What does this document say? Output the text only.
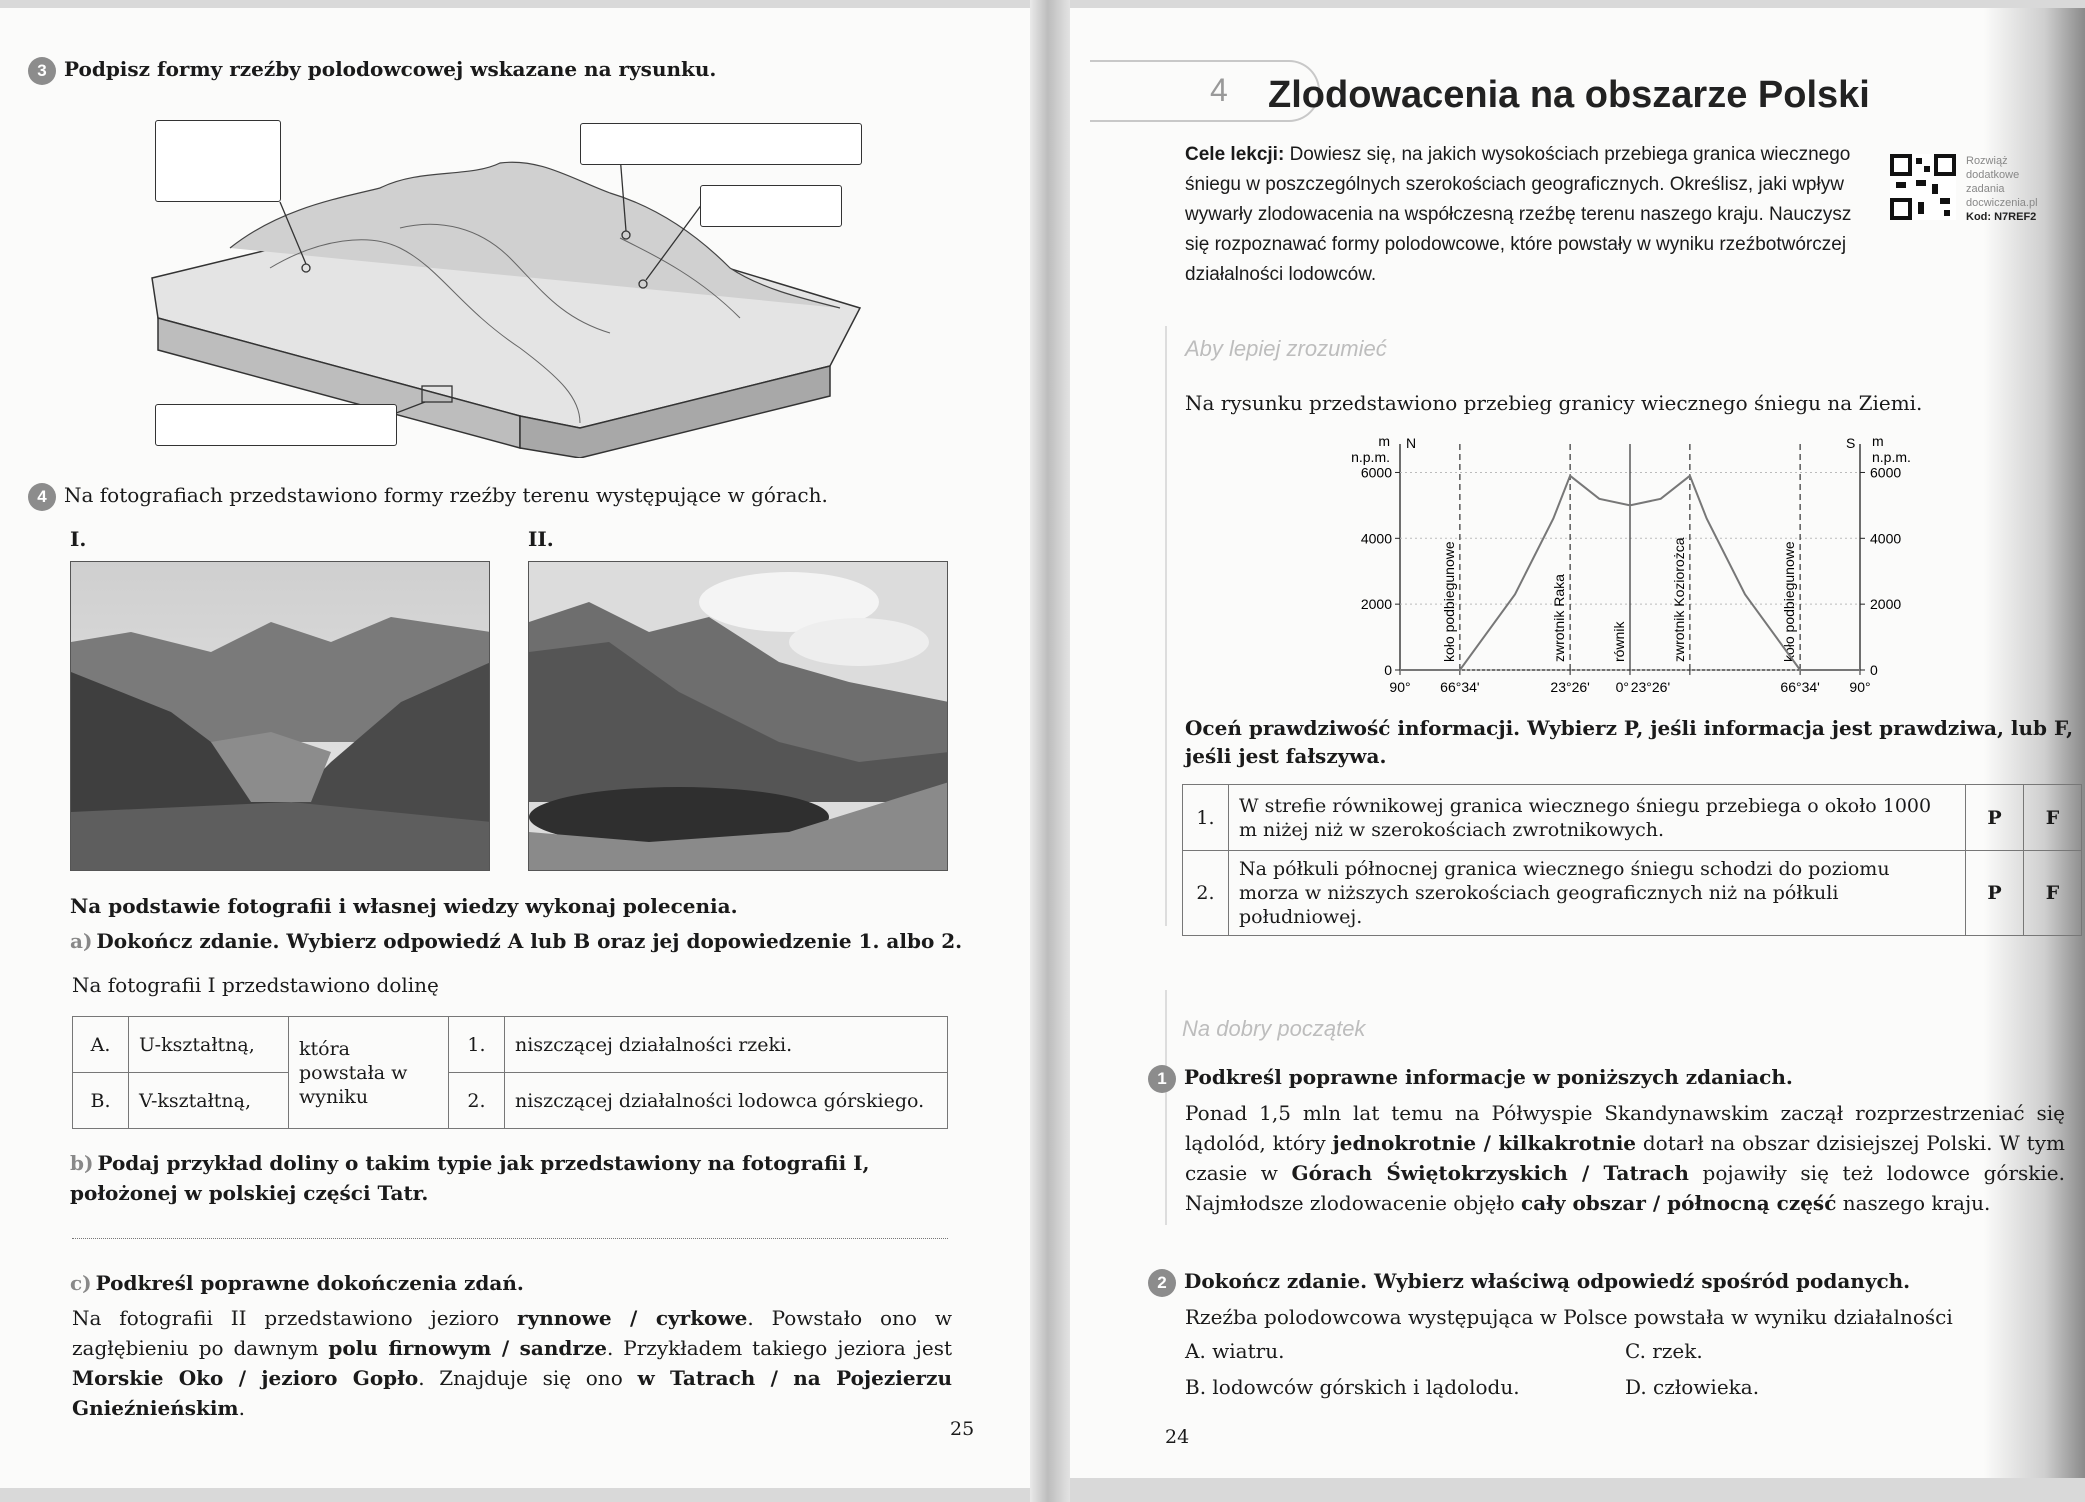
3 Podpisz formy rzeźby polodowcowej wskazane na rysunku.
4 Na fotografiach przedstawiono formy rzeźby terenu występujące w górach.
I.	II.
Na podstawie fotografii i własnej wiedzy wykonaj polecenia.
a) Dokończ zdanie. Wybierz odpowiedź A lub B oraz jej dopowiedzenie 1. albo 2.
Na fotografii I przedstawiono dolinę
A.	U-kształtną,	która powstała w wyniku	1.	niszczącej działalności rzeki.
B.	V-kształtną,		2.	niszczącej działalności lodowca górskiego.
b) Podaj przykład doliny o takim typie jak przedstawiony na fotografii I, położonej w polskiej części Tatr.
c) Podkreśl poprawne dokończenia zdań.
Na fotografii II przedstawiono jezioro rynnowe / cyrkowe. Powstało ono w zagłębieniu po dawnym polu firnowym / sandrze. Przykładem takiego jeziora jest Morskie Oko / jezioro Gopło. Znajduje się ono w Tatrach / na Pojezierzu Gnieźnieńskim.
25
4 Zlodowacenia na obszarze Polski
Cele lekcji: Dowiesz się, na jakich wysokościach przebiega granica wiecznego śniegu w poszczególnych szerokościach geograficznych. Określisz, jaki wpływ wywarły zlodowacenia na współczesną rzeźbę terenu naszego kraju. Nauczysz się rozpoznawać formy polodowcowe, które powstały w wyniku rzeźbotwórczej działalności lodowców.
Rozwiąż
dodatkowe
zadania
docwiczenia.pl
Kod: N7REF2
Aby lepiej zrozumieć
Na rysunku przedstawiono przebieg granicy wiecznego śniegu na Ziemi.
m
n.p.m.
m
n.p.m.
N	S
0	0
2000	2000
4000	4000
6000	6000
90° 66°34'	23°26' 0° 23°26'	66°34' 90°
koło podbiegunowe	zwrotnik Raka	równik	zwrotnik Koziorożca	koło podbiegunowe
Oceń prawdziwość informacji. Wybierz P, jeśli informacja jest prawdziwa, lub F, jeśli jest fałszywa.
1.	W strefie równikowej granica wiecznego śniegu przebiega o około 1000 m niżej niż w szerokościach zwrotnikowych.	P	F
2.	Na półkuli północnej granica wiecznego śniegu schodzi do poziomu morza w niższych szerokościach geograficznych niż na półkuli południowej.	P	F
Na dobry początek
1 Podkreśl poprawne informacje w poniższych zdaniach.
Ponad 1,5 mln lat temu na Półwyspie Skandynawskim zaczął rozprzestrzeniać się lądolód, który jednokrotnie / kilkakrotnie dotarł na obszar dzisiejszej Polski. W tym czasie w Górach Świętokrzyskich / Tatrach pojawiły się też lodowce górskie. Najmłodsze zlodowacenie objęło cały obszar / północną część naszego kraju.
2 Dokończ zdanie. Wybierz właściwą odpowiedź spośród podanych.
Rzeźba polodowcowa występująca w Polsce powstała w wyniku działalności
A. wiatru.
B. lodowców górskich i lądolodu.
C. rzek.
D. człowieka.
24
